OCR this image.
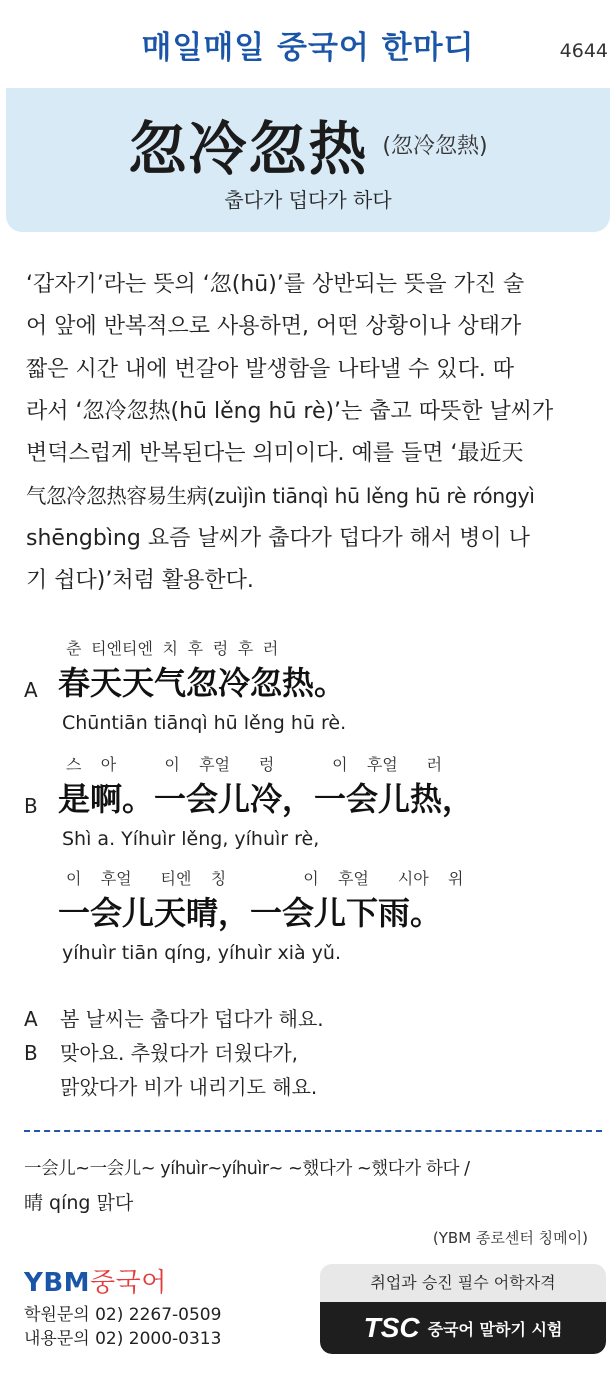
매일매일 중국어 한마디	4644
忽冷忽热 (忽冷忽熱)
춥다가 덥다가 하다
‘갑자기’라는 뜻의 ‘忽(hū)’를 상반되는 뜻을 가진 술
어 앞에 반복적으로 사용하면, 어떤 상황이나 상태가
짧은 시간 내에 번갈아 발생함을 나타낼 수 있다. 따
라서 ‘忽冷忽热(hū lěng hū rè)’는 춥고 따뜻한 날씨가
변덕스럽게 반복된다는 의미이다. 예를 들면 ‘最近天
气忽冷忽热容易生病(zuìjìn tiānqì hū lěng hū rè róngyì
shēngbìng 요즘 날씨가 춥다가 덥다가 해서 병이 나
기 쉽다)’처럼 활용한다.
춘 티엔티엔 치 후 렁 후 러
A 春天天气忽冷忽热。
Chūntiān tiānqì hū lěng hū rè.
스  아     이  후얼   렁      이  후얼   러
B 是啊。一会儿冷，一会儿热，
Shì a. Yíhuìr lěng, yíhuìr rè,
이  후얼   티엔  칭        이  후얼   시아  위
一会儿天晴，一会儿下雨。
yíhuìr tiān qíng, yíhuìr xià yǔ.
A	봄 날씨는 춥다가 덥다가 해요.
B	맞아요. 추웠다가 더웠다가,
맑았다가 비가 내리기도 해요.
一会儿~一会儿~ yíhuìr~yíhuìr~ ~했다가 ~했다가 하다 /
晴 qíng 맑다
(YBM 종로센터 칭메이)
YBM중국어
학원문의 02) 2267-0509
내용문의 02) 2000-0313
취업과 승진 필수 어학자격
TSC 중국어 말하기 시험
